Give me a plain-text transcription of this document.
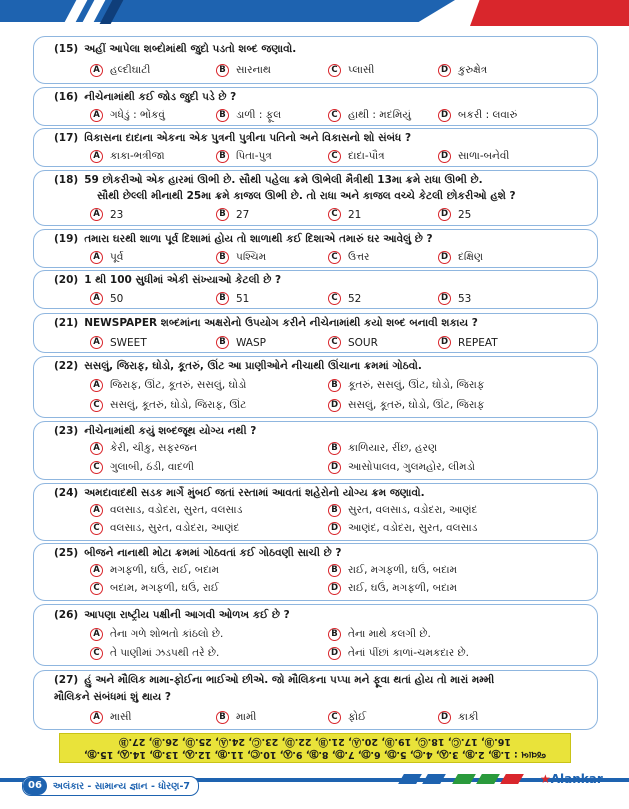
(15) અહીં આપેલા શબ્દોમાંથી જુદો પડતો શબ્દ જણાવો.
A હલ્દીઘાટી	B સારનાથ	C પ્લાસી	D કુરુક્ષેત્ર
(16) નીચેનામાંથી કઈ જોડ જુદી પડે છે ?
A ગધેડું : ભોંકવું	B ડાળી : ફૂલ	C હાથી : મદમિયું	D બકરી : લવારું
(17) વિકાસના દાદાના એકના એક પુત્રની પુત્રીના પતિનો અને વિકાસનો શો સંબંધ ?
A કાકા-ભત્રીજા	B પિતા-પુત્ર	C દાદા-પૌત્ર	D સાળા-બનેવી
(18) 59 છોકરીઓ એક હારમાં ઊભી છે. સૌથી પહેલા ક્રમે ઊભેલી મૈત્રીથી 13મા ક્રમે રાધા ઊભી છે.
સૌથી છેલ્લી મીનાથી 25મા ક્રમે કાજલ ઊભી છે. તો રાધા અને કાજલ વચ્ચે કેટલી છોકરીઓ હશે ?
A 23	B 27	C 21	D 25
(19) તમારા ઘરથી શાળા પૂર્વ દિશામાં હોય તો શાળાથી કઈ દિશાએ તમારું ઘર આવેલું છે ?
A પૂર્વ	B પશ્ચિમ	C ઉત્તર	D દક્ષિણ
(20) 1 થી 100 સુધીમાં એકી સંખ્યાઓ કેટલી છે ?
A 50	B 51	C 52	D 53
(21) NEWSPAPER શબ્દમાંના અક્ષરોનો ઉપયોગ કરીને નીચેનામાંથી કયો શબ્દ બનાવી શકાય ?
A SWEET	B WASP	C SOUR	D REPEAT
(22) સસલું, જિરાફ, ઘોડો, કૂતરું, ઊંટ આ પ્રાણીઓને નીચાથી ઊંચાના ક્રમમાં ગોઠવો.
A જિરાફ, ઊંટ, કૂતરું, સસલું, ઘોડો	B કૂતરું, સસલું, ઊંટ, ઘોડો, જિરાફ
C સસલું, કૂતરું, ઘોડો, જિરાફ, ઊંટ	D સસલું, કૂતરું, ઘોડો, ઊંટ, જિરાફ
(23) નીચેનામાંથી કયું શબ્દજૂથ યોગ્ય નથી ?
A કેરી, ચીકુ, સફરજન	B કાળિયાર, રીંછ, હરણ
C ગુલાબી, ઠંડી, વાદળી	D આસોપાલવ, ગુલમહોર, લીમડો
(24) અમદાવાદથી સડક માર્ગે મુંબઈ જતાં રસ્તામાં આવતાં શહેરોનો યોગ્ય ક્રમ જણાવો.
A વલસાડ, વડોદરા, સુરત, વલસાડ	B સુરત, વલસાડ, વડોદરા, આણંદ
C વલસાડ, સુરત, વડોદરા, આણંદ	D આણંદ, વડોદરા, સુરત, વલસાડ
(25) બીજને નાનાથી મોટા ક્રમમાં ગોઠવતાં કઈ ગોઠવણી સાચી છે ?
A મગફળી, ઘઉં, રાઈ, બદામ	B રાઈ, મગફળી, ઘઉં, બદામ
C બદામ, મગફળી, ઘઉં, રાઈ	D રાઈ, ઘઉં, મગફળી, બદામ
(26) આપણા રાષ્ટ્રીય પક્ષીની આગવી ઓળખ કઈ છે ?
A તેના ગળે શોભતો કાંઠલો છે.	B તેના માથે કલગી છે.
C તે પાણીમાં ઝડપથી તરે છે.	D તેનાં પીંછાં કાળાં-ચમકદાર છે.
(27) હું અને મૌલિક મામા-ફોઈના ભાઈઓ છીએ. જો મૌલિકના પપ્પા મને ફૂવા થતાં હોય તો મારાં મમ્મી
મૌલિકને સંબંધમાં શું થાય ?
A માસી	B મામી	C ફોઈ	D કાકી
16.Ⓑ, 17.Ⓒ, 18.Ⓒ, 19.Ⓑ, 20.Ⓐ, 21.Ⓑ, 22.Ⓓ, 23.Ⓒ, 24.Ⓐ, 25.Ⓓ, 26.Ⓑ, 27.Ⓑ
જવાબ : 1.Ⓑ, 2.Ⓑ, 3.Ⓐ, 4.Ⓒ, 5.Ⓓ, 6.Ⓓ, 7.Ⓓ, 8.Ⓑ, 9.Ⓐ, 10.Ⓒ, 11.Ⓑ, 12.Ⓐ, 13.Ⓓ, 14.Ⓐ, 15.Ⓑ,
06	અલંકાર - સામાન્ય જ્ઞાન - ધોરણ-7	★Alankar
